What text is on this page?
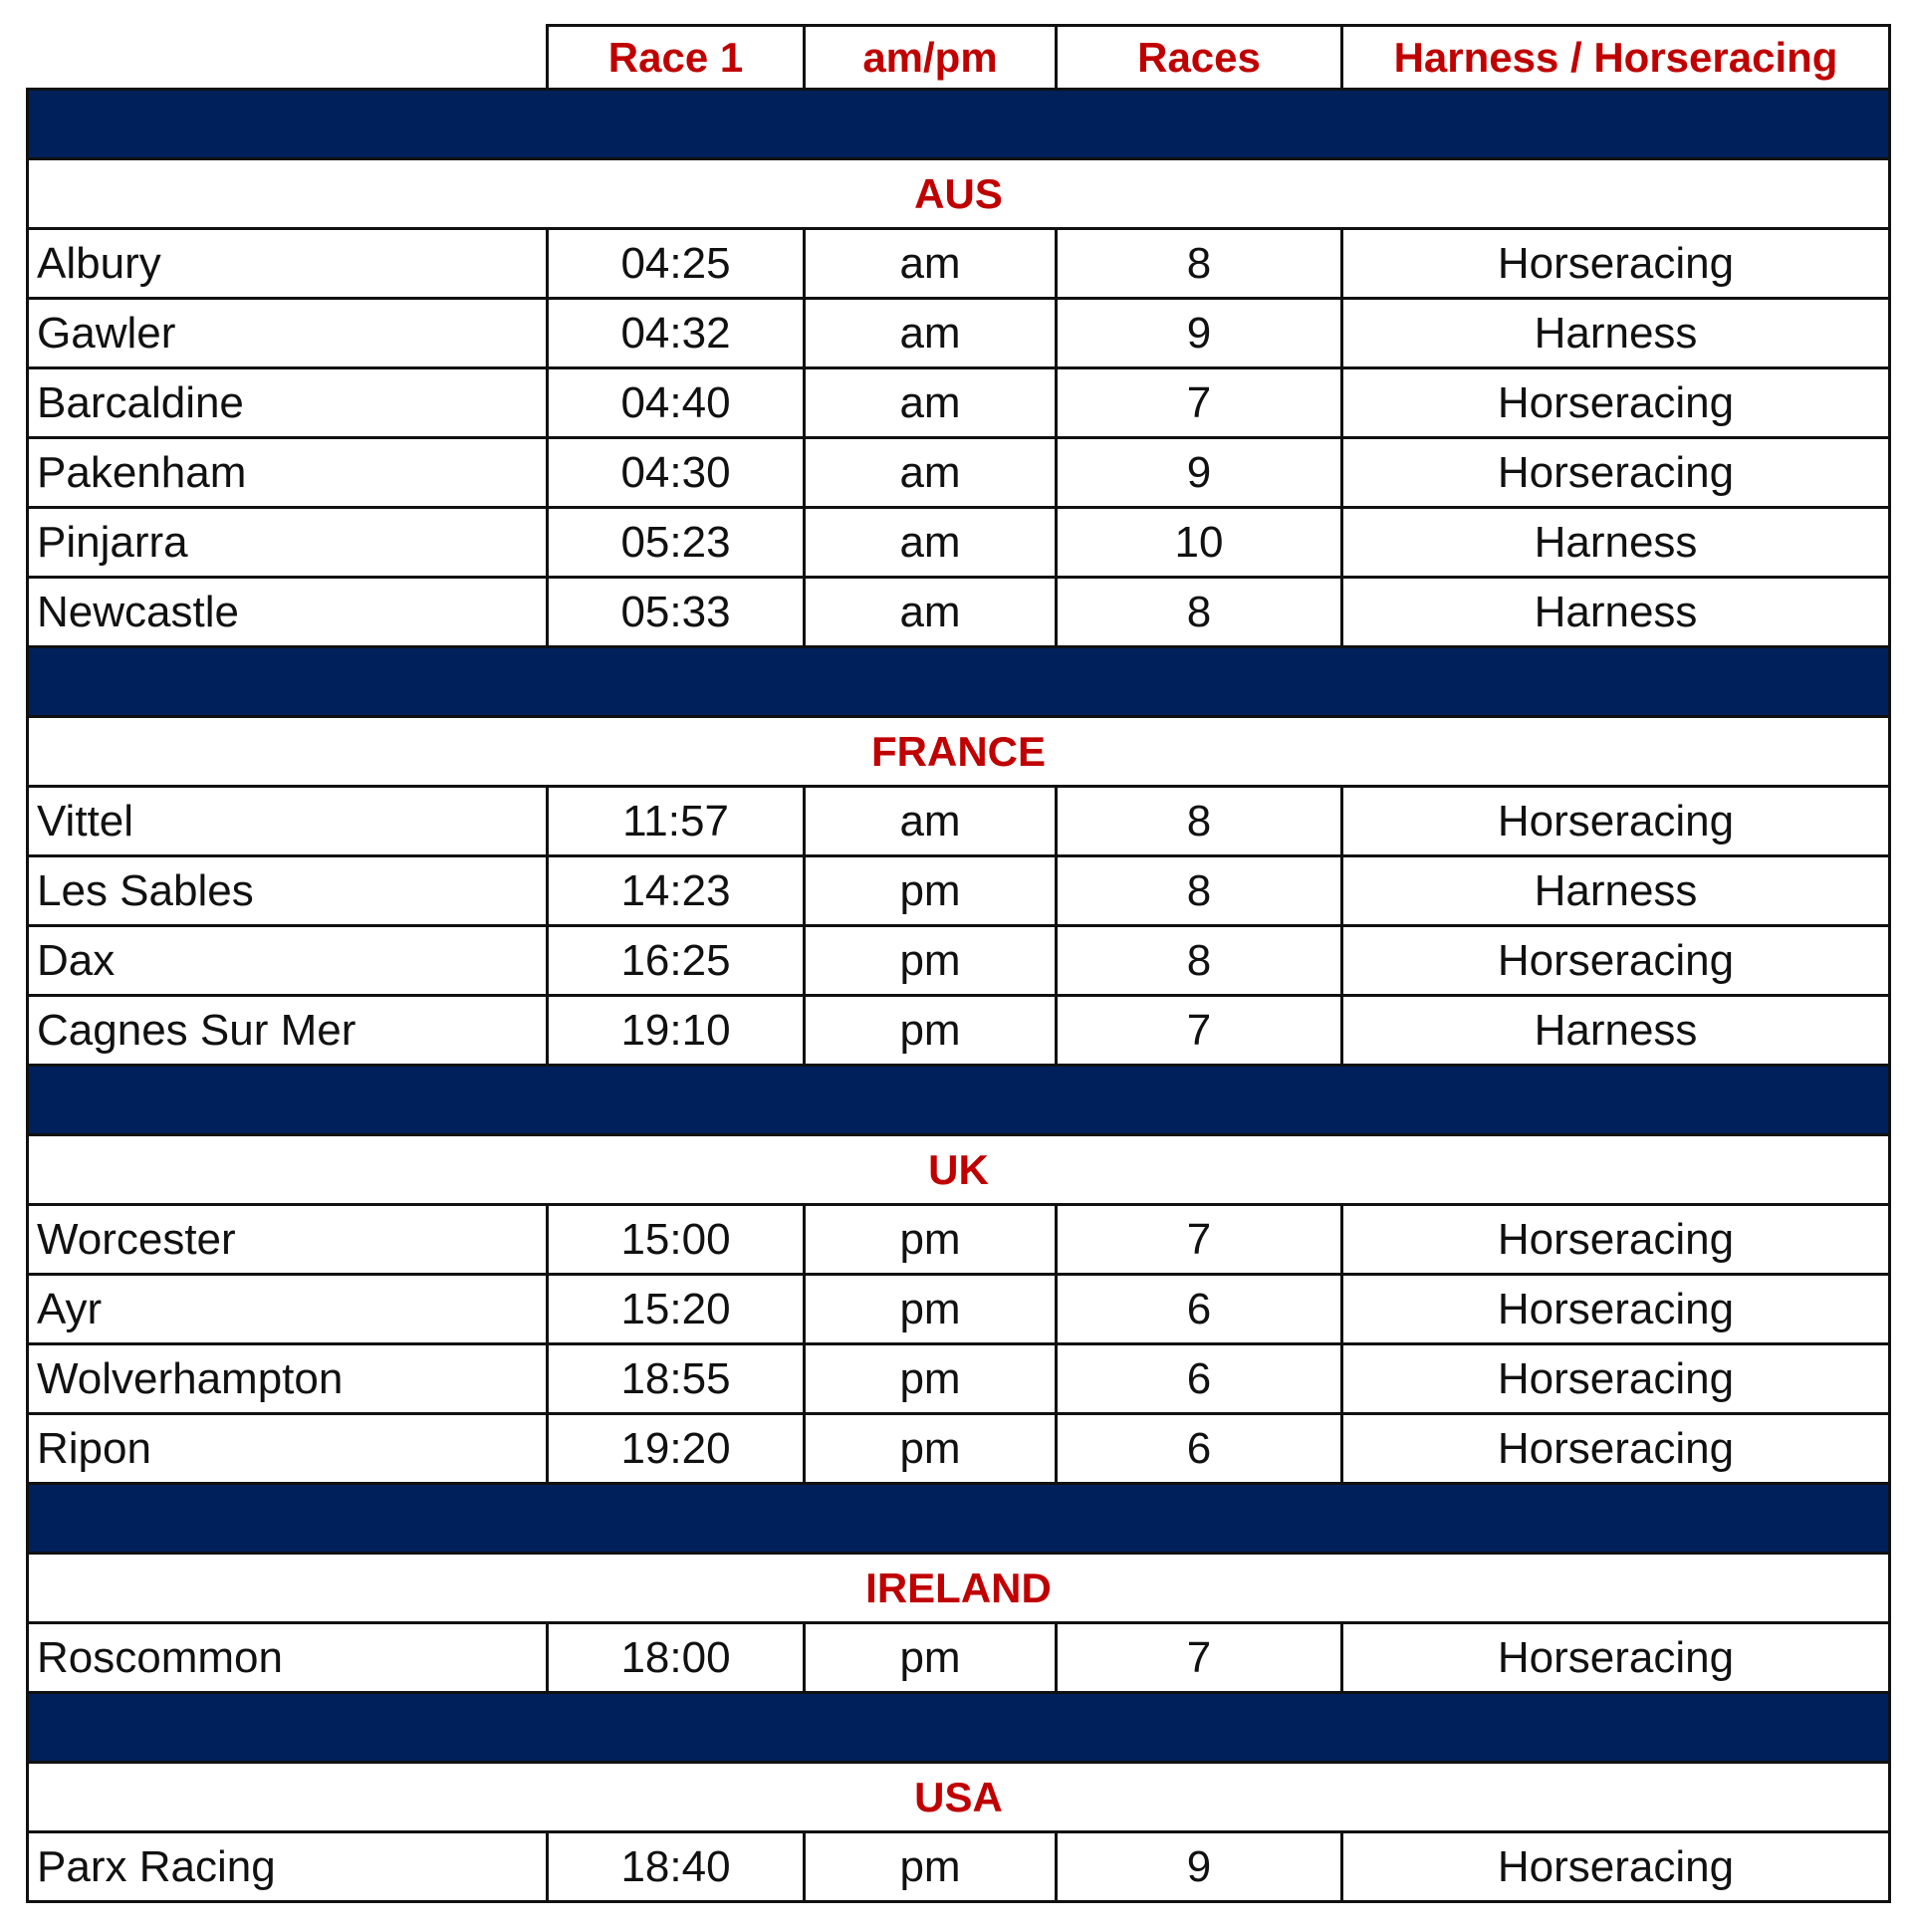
	Race 1	am/pm	Races	Harness / Horseracing

AUS				
Albury	04:25	am	8	Horseracing
Gawler	04:32	am	9	Harness
Barcaldine	04:40	am	7	Horseracing
Pakenham	04:30	am	9	Horseracing
Pinjarra	05:23	am	10	Harness
Newcastle	05:33	am	8	Harness

FRANCE				
Vittel	11:57	am	8	Horseracing
Les Sables	14:23	pm	8	Harness
Dax	16:25	pm	8	Horseracing
Cagnes Sur Mer	19:10	pm	7	Harness

UK				
Worcester	15:00	pm	7	Horseracing
Ayr	15:20	pm	6	Horseracing
Wolverhampton	18:55	pm	6	Horseracing
Ripon	19:20	pm	6	Horseracing

IRELAND				
Roscommon	18:00	pm	7	Horseracing

USA				
Parx Racing	18:40	pm	9	Horseracing
